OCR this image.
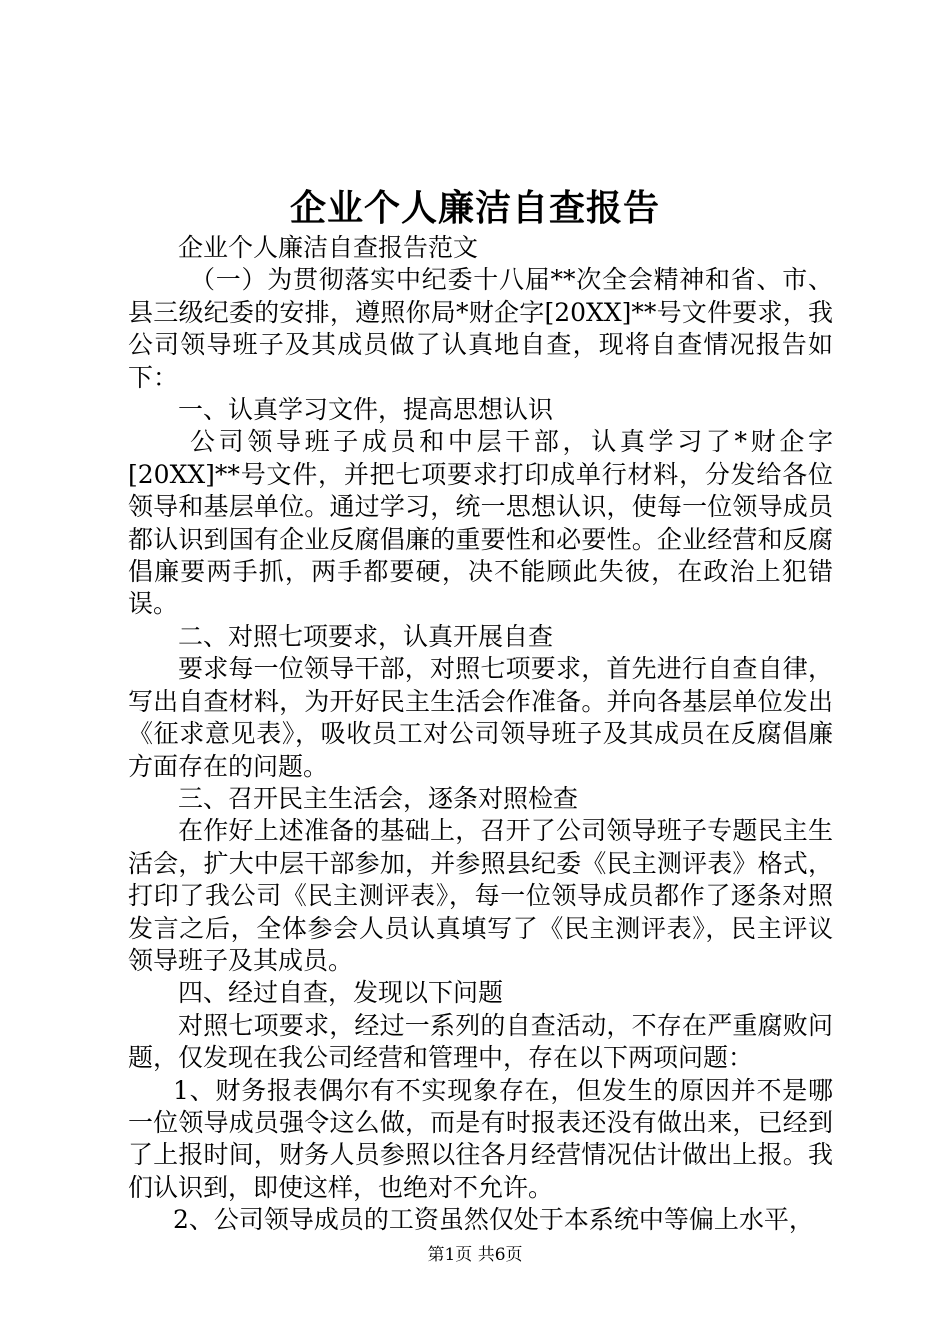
企业个人廉洁自查报告

企业个人廉洁自查报告范文

（一）为贯彻落实中纪委十八届**次全会精神和省、市、县三级纪委的安排，遵照你局*财企字[20XX]**号文件要求，我公司领导班子及其成员做了认真地自查，现将自查情况报告如下：

一、认真学习文件，提高思想认识

公司领导班子成员和中层干部，认真学习了*财企字[20XX]**号文件，并把七项要求打印成单行材料，分发给各位领导和基层单位。通过学习，统一思想认识，使每一位领导成员都认识到国有企业反腐倡廉的重要性和必要性。企业经营和反腐倡廉要两手抓，两手都要硬，决不能顾此失彼，在政治上犯错误。

二、对照七项要求，认真开展自查

要求每一位领导干部，对照七项要求，首先进行自查自律，写出自查材料，为开好民主生活会作准备。并向各基层单位发出《征求意见表》，吸收员工对公司领导班子及其成员在反腐倡廉方面存在的问题。

三、召开民主生活会，逐条对照检查

在作好上述准备的基础上，召开了公司领导班子专题民主生活会，扩大中层干部参加，并参照县纪委《民主测评表》格式，打印了我公司《民主测评表》，每一位领导成员都作了逐条对照发言之后，全体参会人员认真填写了《民主测评表》，民主评议领导班子及其成员。

四、经过自查，发现以下问题

对照七项要求，经过一系列的自查活动，不存在严重腐败问题，仅发现在我公司经营和管理中，存在以下两项问题：

1、财务报表偶尔有不实现象存在，但发生的原因并不是哪一位领导成员强令这么做，而是有时报表还没有做出来，已经到了上报时间，财务人员参照以往各月经营情况估计做出上报。我们认识到，即使这样，也绝对不允许。

2、公司领导成员的工资虽然仅处于本系统中等偏上水平，

第1页 共6页
